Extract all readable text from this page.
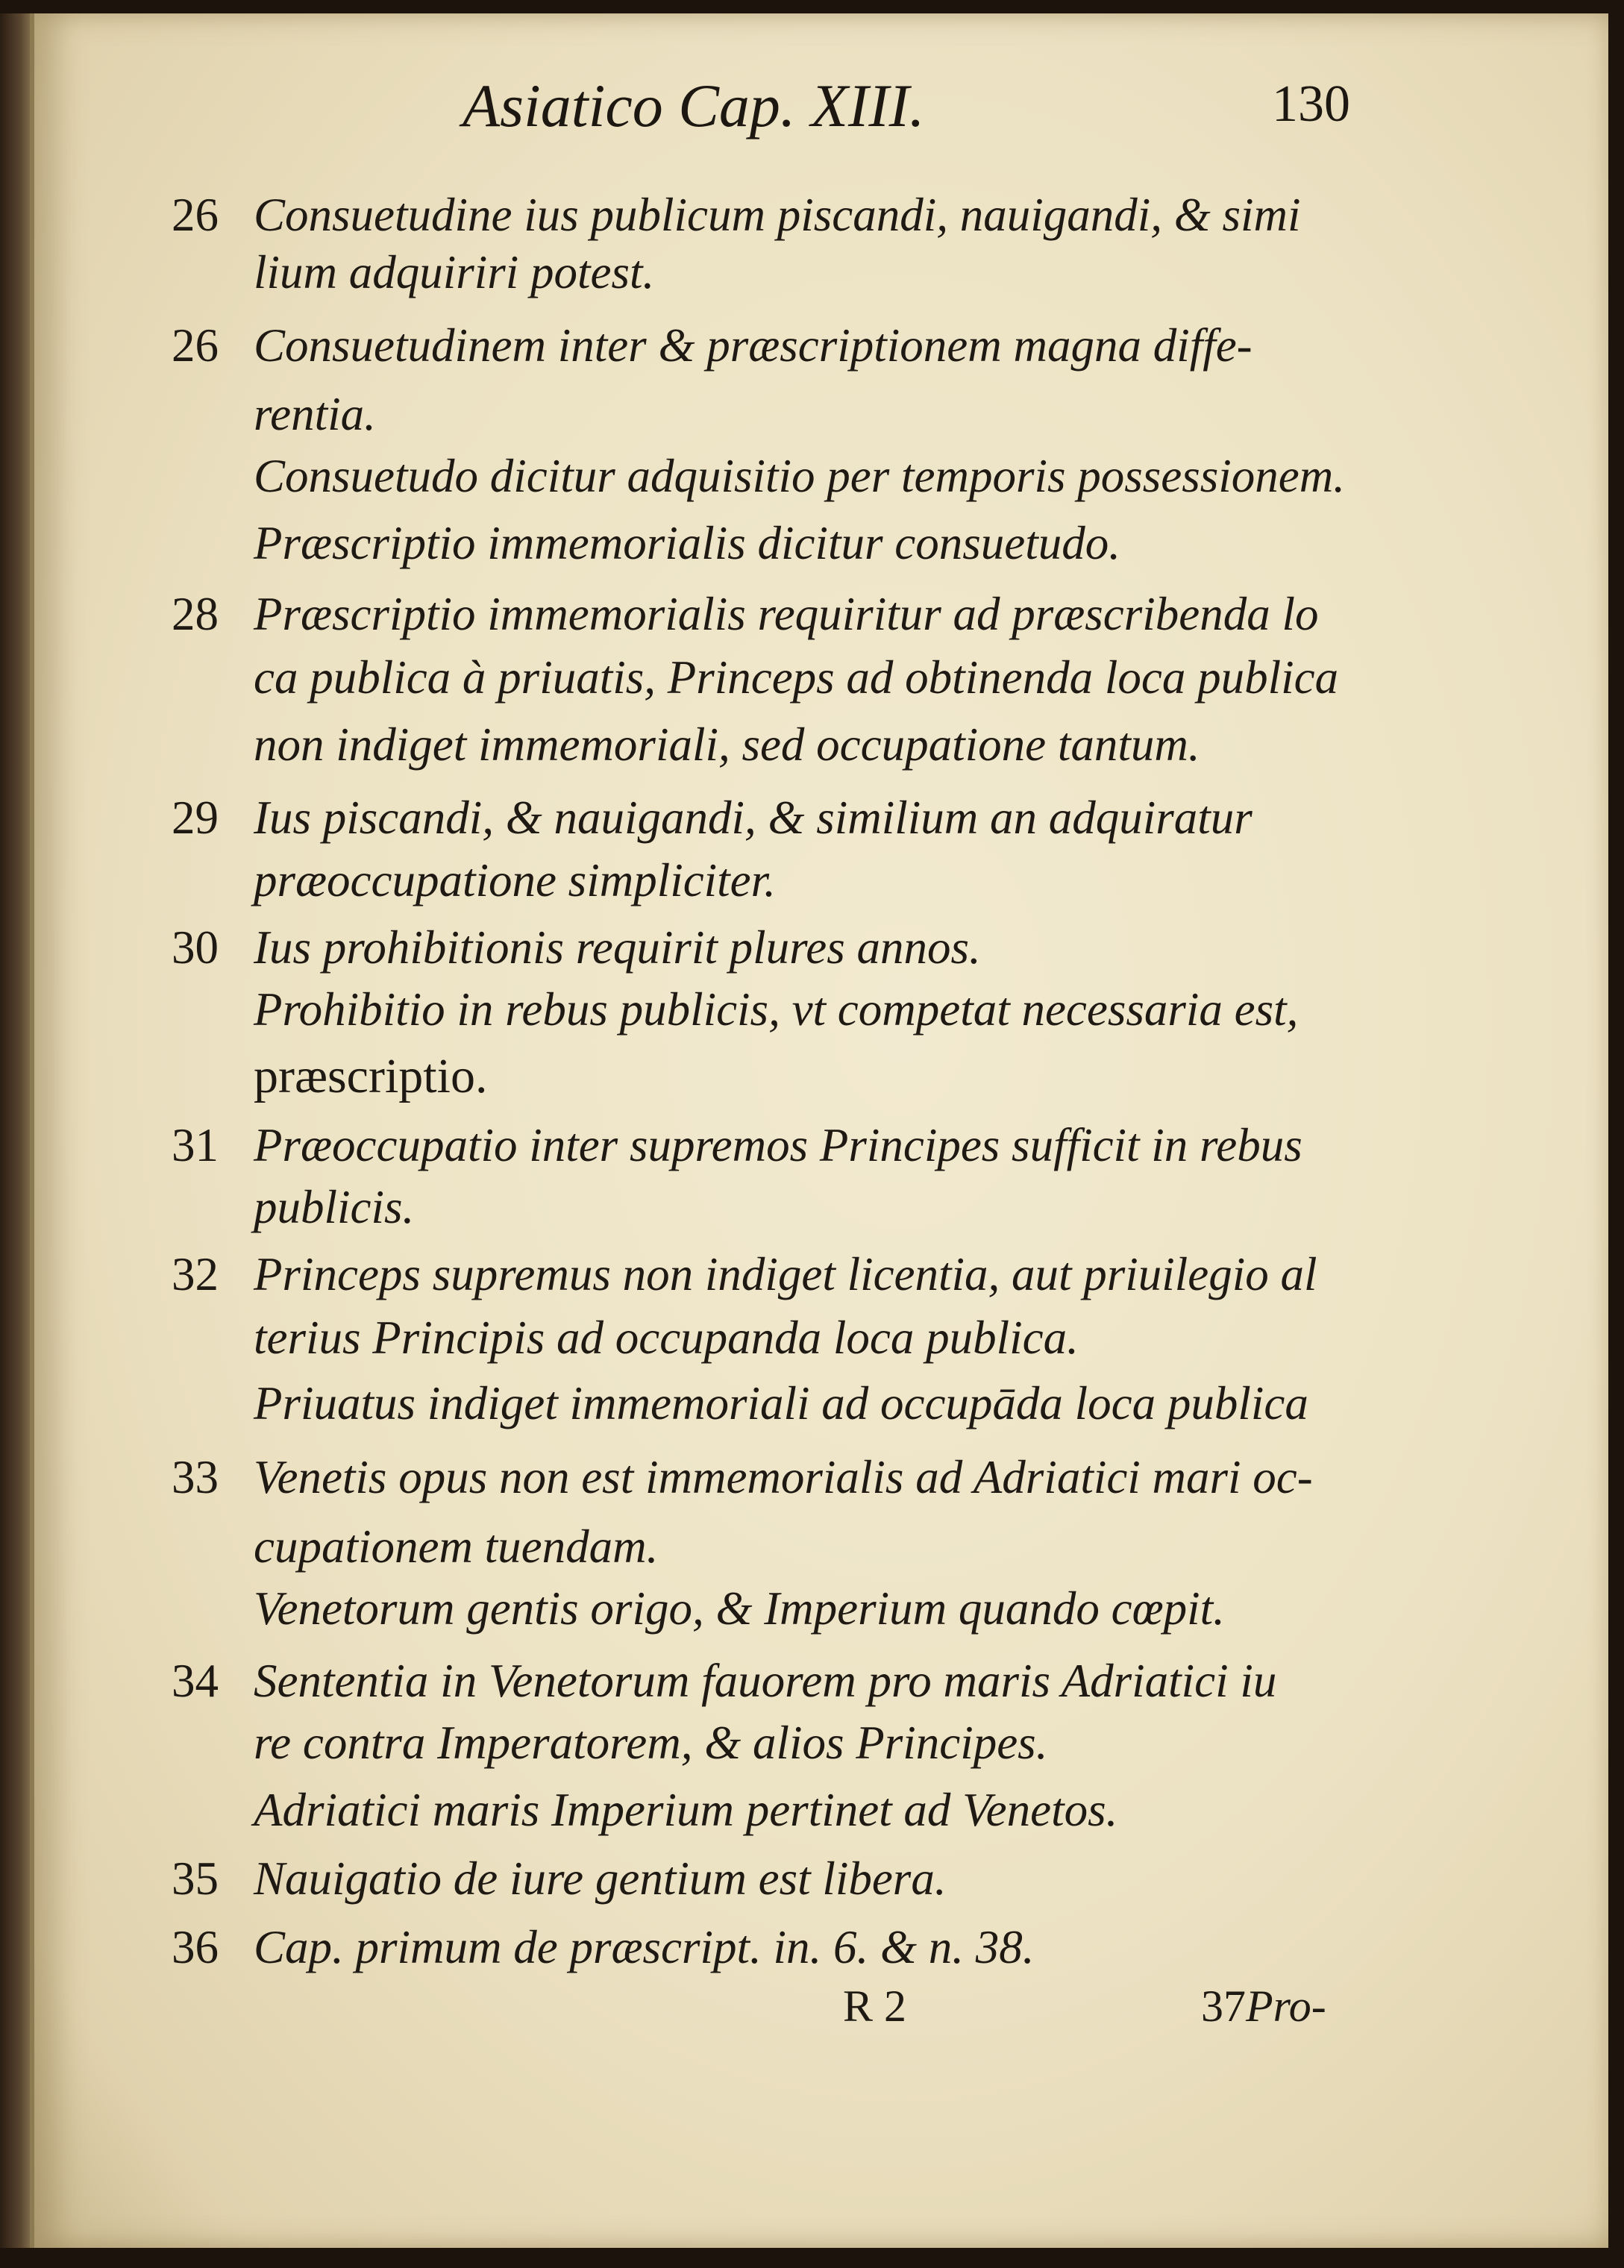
Asiatico Cap. XIII.	130
26 Consuetudine ius publicum piscandi, nauigandi, & simi
lium adquiriri potest.
26 Consuetudinem inter & præscriptionem magna diffe-
rentia.
Consuetudo dicitur adquisitio per temporis possessionem.
Præscriptio immemorialis dicitur consuetudo.
28 Præscriptio immemorialis requiritur ad præscribenda lo
ca publica à priuatis, Princeps ad obtinenda loca publica
non indiget immemoriali, sed occupatione tantum.
29 Ius piscandi, & nauigandi, & similium an adquiratur
præoccupatione simpliciter.
30 Ius prohibitionis requirit plures annos.
Prohibitio in rebus publicis, vt competat necessaria est,
præscriptio.
31 Præoccupatio inter supremos Principes sufficit in rebus
publicis.
32 Princeps supremus non indiget licentia, aut priuilegio al
terius Principis ad occupanda loca publica.
Priuatus indiget immemoriali ad occupāda loca publica
33 Venetis opus non est immemorialis ad Adriatici mari oc-
cupationem tuendam.
Venetorum gentis origo, & Imperium quando cœpit.
34 Sententia in Venetorum fauorem pro maris Adriatici iu
re contra Imperatorem, & alios Principes.
Adriatici maris Imperium pertinet ad Venetos.
35 Nauigatio de iure gentium est libera.
36 Cap. primum de præscript. in. 6. & n. 38.
R 2	37Pro-
